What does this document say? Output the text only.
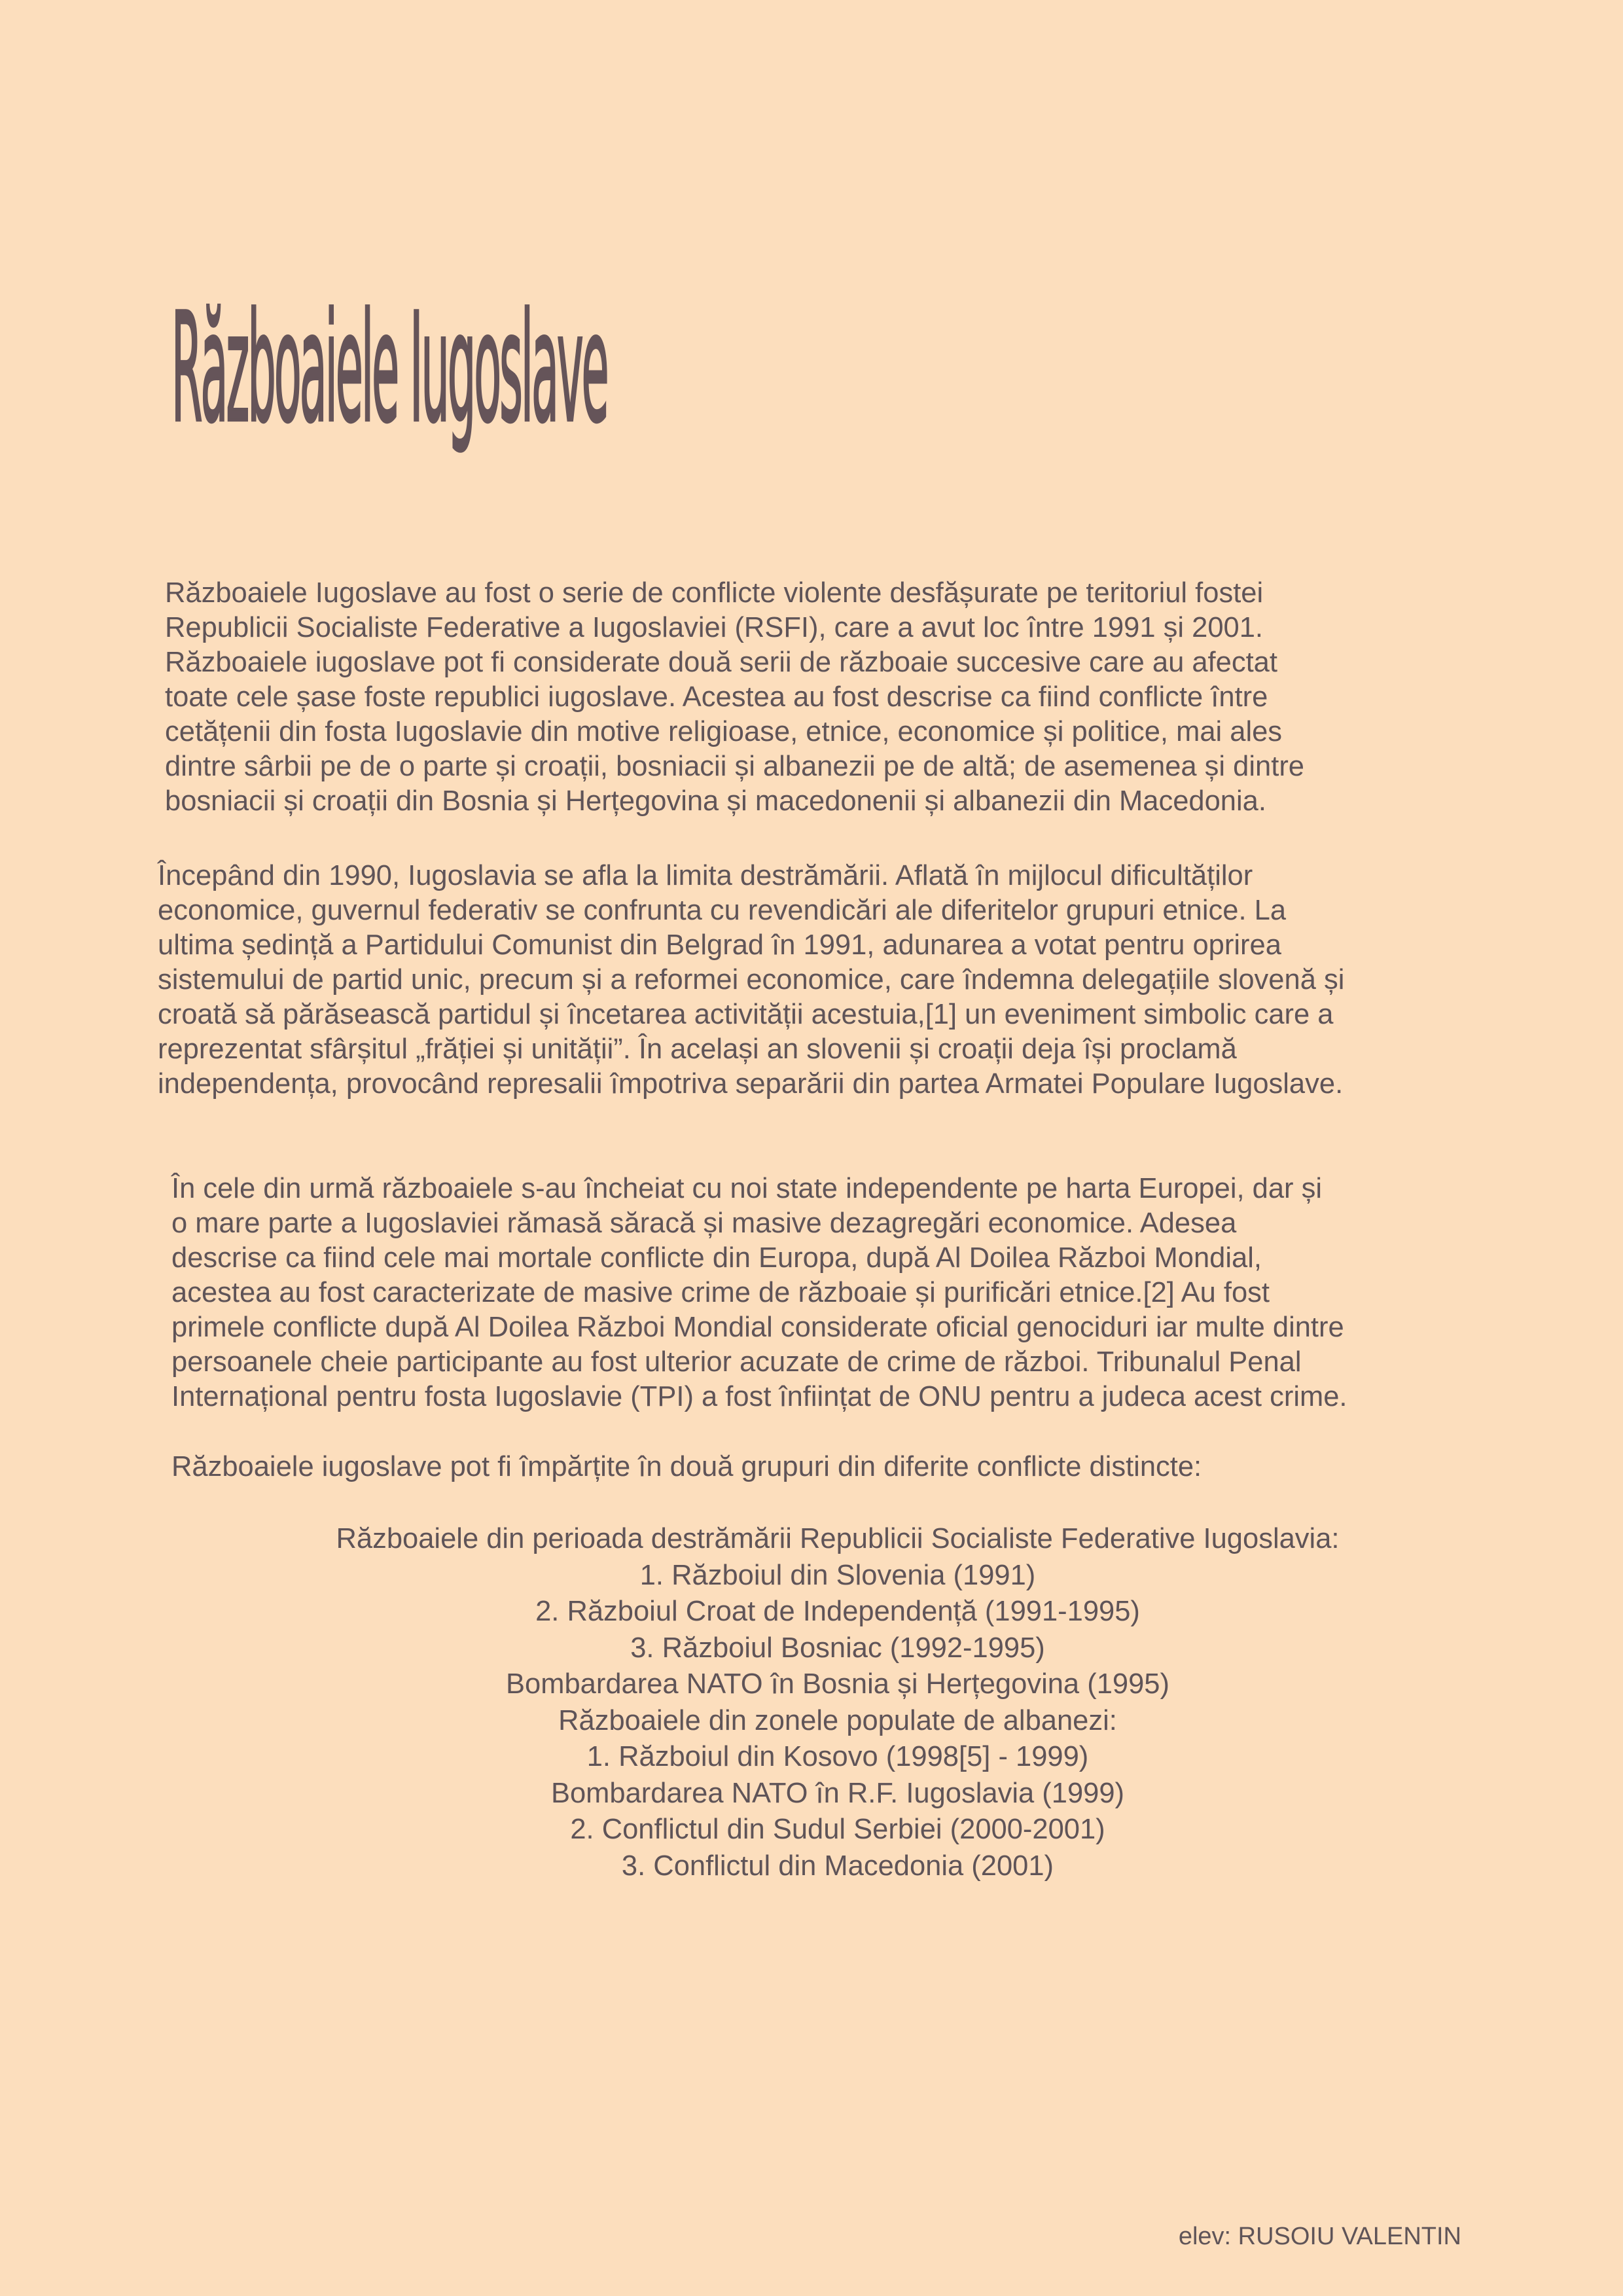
Războaiele Iugoslave

Războaiele Iugoslave au fost o serie de conflicte violente desfășurate pe teritoriul fostei
Republicii Socialiste Federative a Iugoslaviei (RSFI), care a avut loc între 1991 și 2001.
Războaiele iugoslave pot fi considerate două serii de războaie succesive care au afectat
toate cele șase foste republici iugoslave. Acestea au fost descrise ca fiind conflicte între
cetățenii din fosta Iugoslavie din motive religioase, etnice, economice și politice, mai ales
dintre sârbii pe de o parte și croații, bosniacii și albanezii pe de altă; de asemenea și dintre
bosniacii și croații din Bosnia și Herțegovina și macedonenii și albanezii din Macedonia.

Începând din 1990, Iugoslavia se afla la limita destrămării. Aflată în mijlocul dificultăților
economice, guvernul federativ se confrunta cu revendicări ale diferitelor grupuri etnice. La
ultima ședință a Partidului Comunist din Belgrad în 1991, adunarea a votat pentru oprirea
sistemului de partid unic, precum și a reformei economice, care îndemna delegațiile slovenă și
croată să părăsească partidul și încetarea activității acestuia,[1] un eveniment simbolic care a
reprezentat sfârșitul „frăției și unității”. În același an slovenii și croații deja își proclamă
independența, provocând represalii împotriva separării din partea Armatei Populare Iugoslave.

În cele din urmă războaiele s-au încheiat cu noi state independente pe harta Europei, dar și
o mare parte a Iugoslaviei rămasă săracă și masive dezagregări economice. Adesea
descrise ca fiind cele mai mortale conflicte din Europa, după Al Doilea Război Mondial,
acestea au fost caracterizate de masive crime de războaie și purificări etnice.[2] Au fost
primele conflicte după Al Doilea Război Mondial considerate oficial genociduri iar multe dintre
persoanele cheie participante au fost ulterior acuzate de crime de război. Tribunalul Penal
Internațional pentru fosta Iugoslavie (TPI) a fost înființat de ONU pentru a judeca acest crime.

Războaiele iugoslave pot fi împărțite în două grupuri din diferite conflicte distincte:

Războaiele din perioada destrămării Republicii Socialiste Federative Iugoslavia:
1. Războiul din Slovenia (1991)
2. Războiul Croat de Independență (1991-1995)
3. Războiul Bosniac (1992-1995)
Bombardarea NATO în Bosnia și Herțegovina (1995)
Războaiele din zonele populate de albanezi:
1. Războiul din Kosovo (1998[5] - 1999)
Bombardarea NATO în R.F. Iugoslavia (1999)
2. Conflictul din Sudul Serbiei (2000-2001)
3. Conflictul din Macedonia (2001)
elev: RUSOIU VALENTIN
